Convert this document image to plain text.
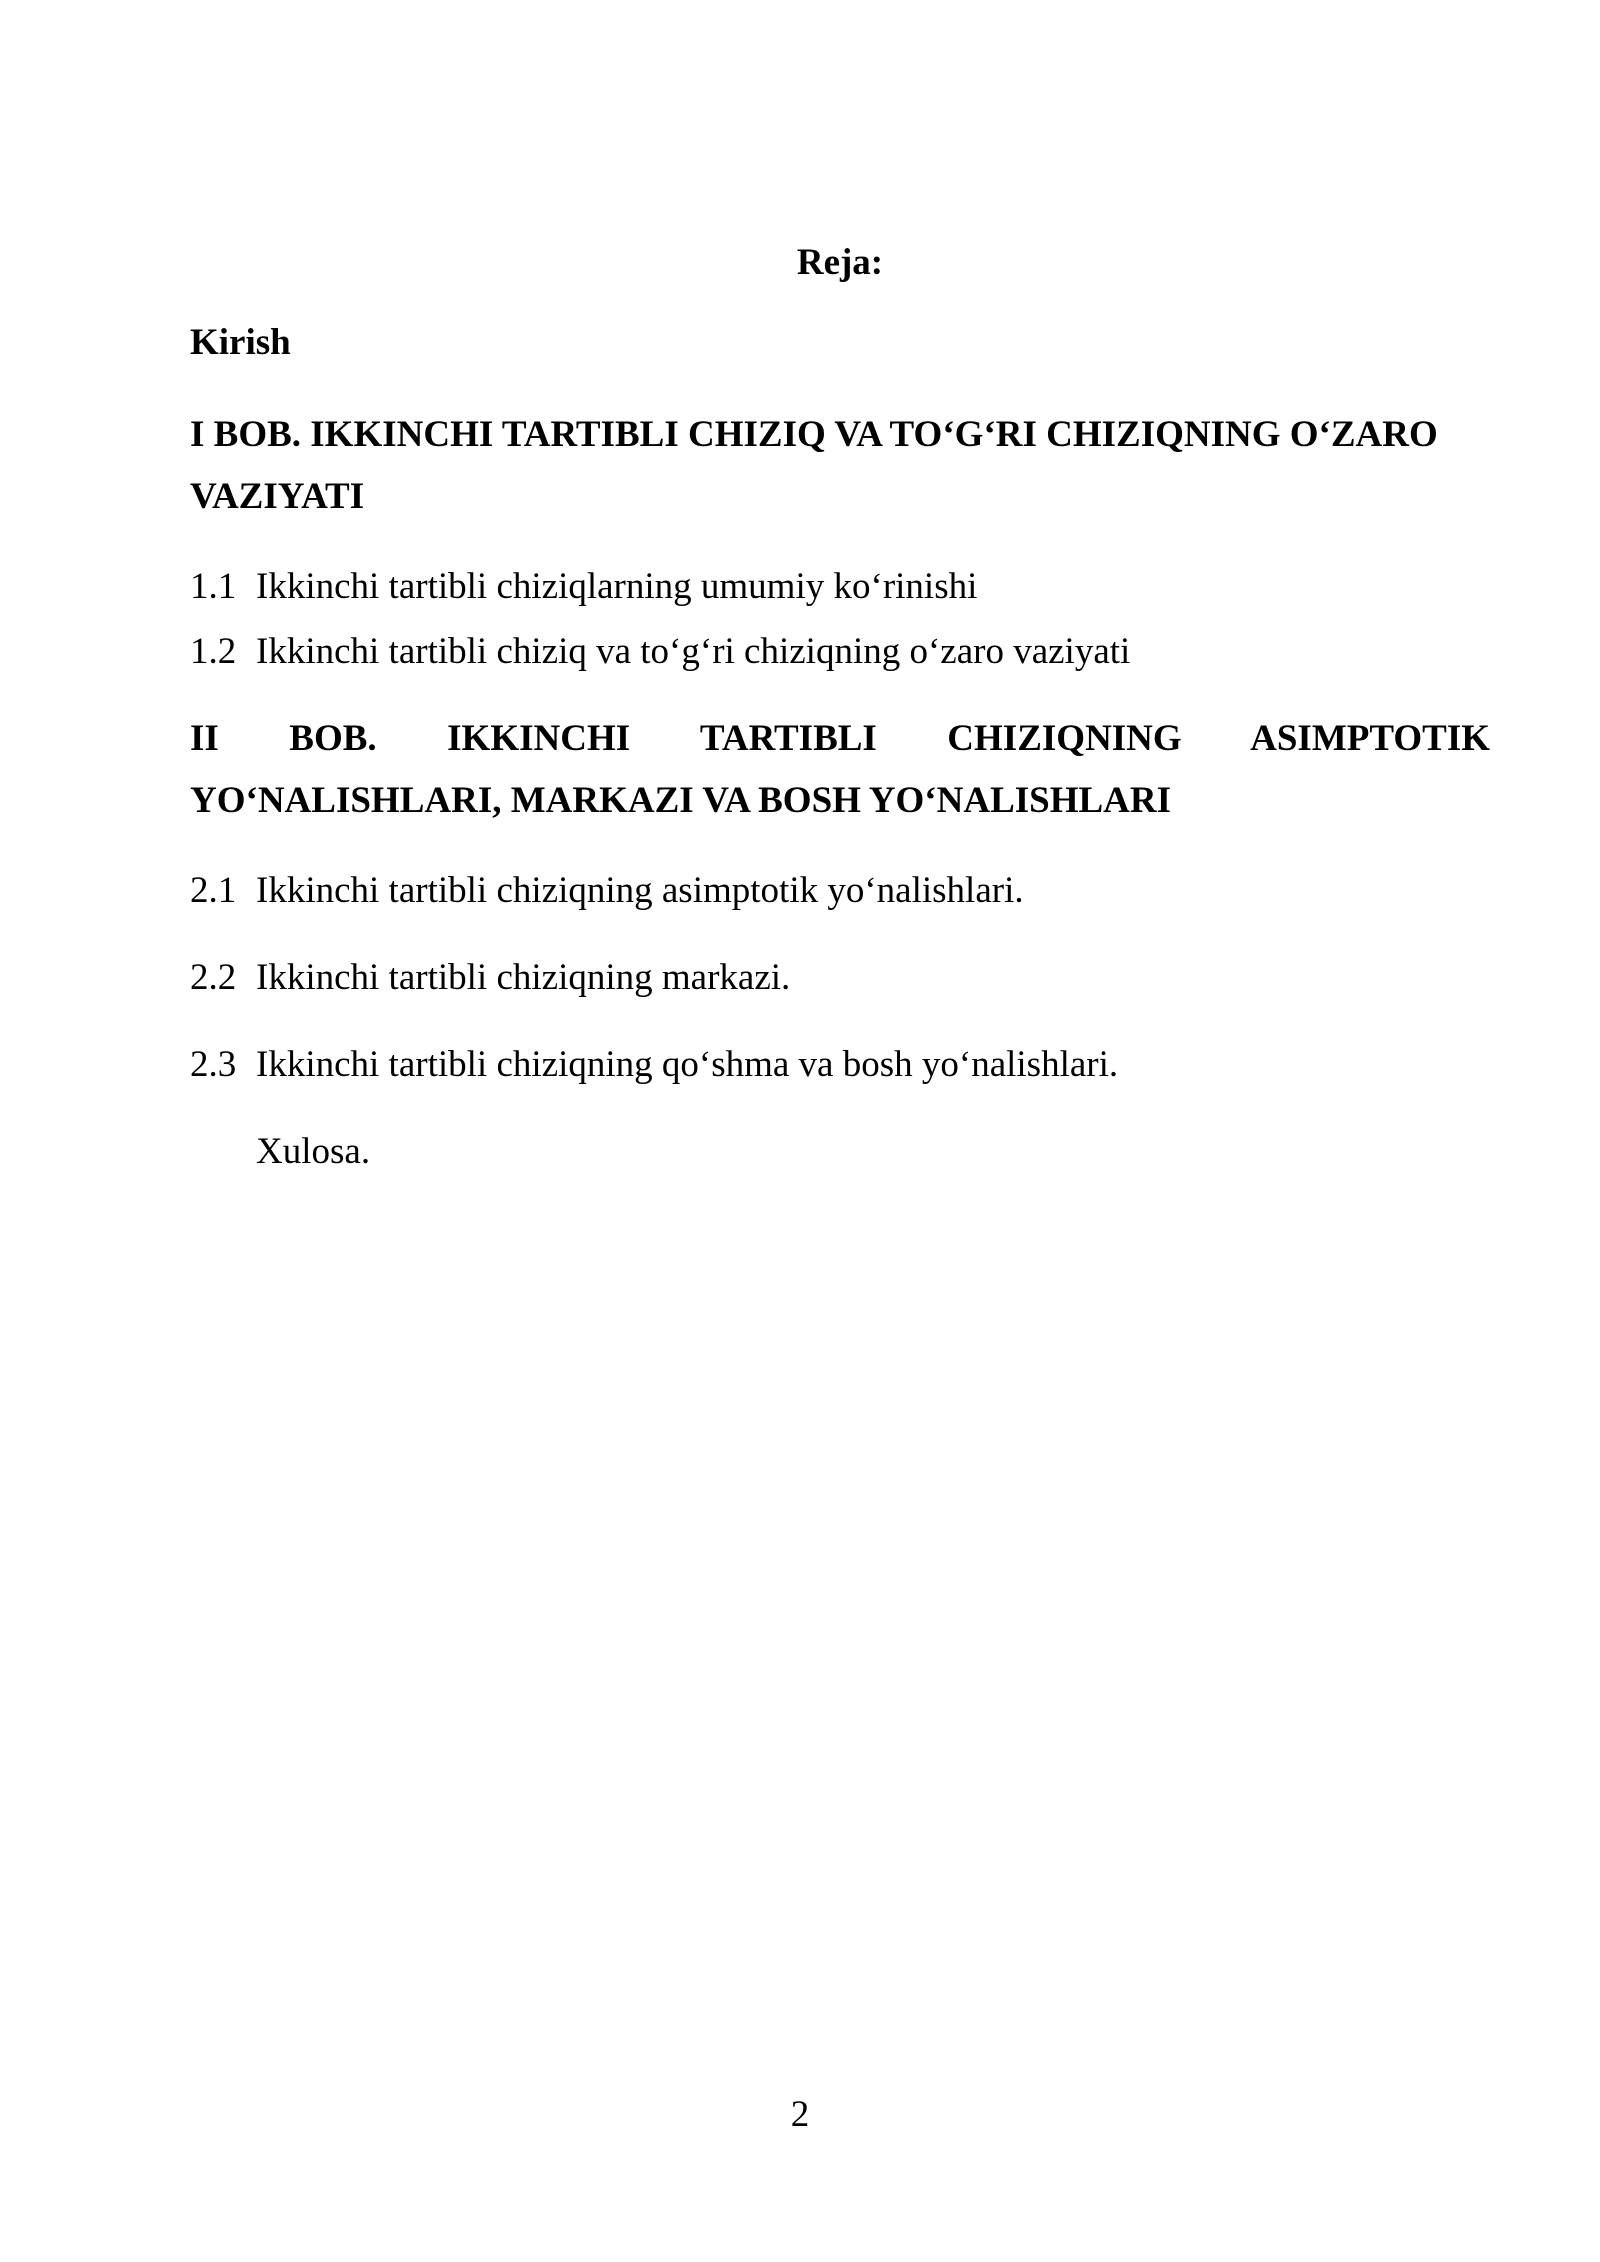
Reja:

Kirish

I BOB. IKKINCHI TARTIBLI CHIZIQ VA TO‘G‘RI CHIZIQNING O‘ZARO
VAZIYATI

1.1 Ikkinchi tartibli chiziqlarning umumiy ko‘rinishi

1.2 Ikkinchi tartibli chiziq va to‘g‘ri chiziqning o‘zaro vaziyati

II BOB. IKKINCHI TARTIBLI CHIZIQNING ASIMPTOTIK
YO‘NALISHLARI, MARKAZI VA BOSH YO‘NALISHLARI

2.1 Ikkinchi tartibli chiziqning asimptotik yo‘nalishlari.

2.2 Ikkinchi tartibli chiziqning markazi.

2.3 Ikkinchi tartibli chiziqning qo‘shma va bosh yo‘nalishlari.

Xulosa.

2
